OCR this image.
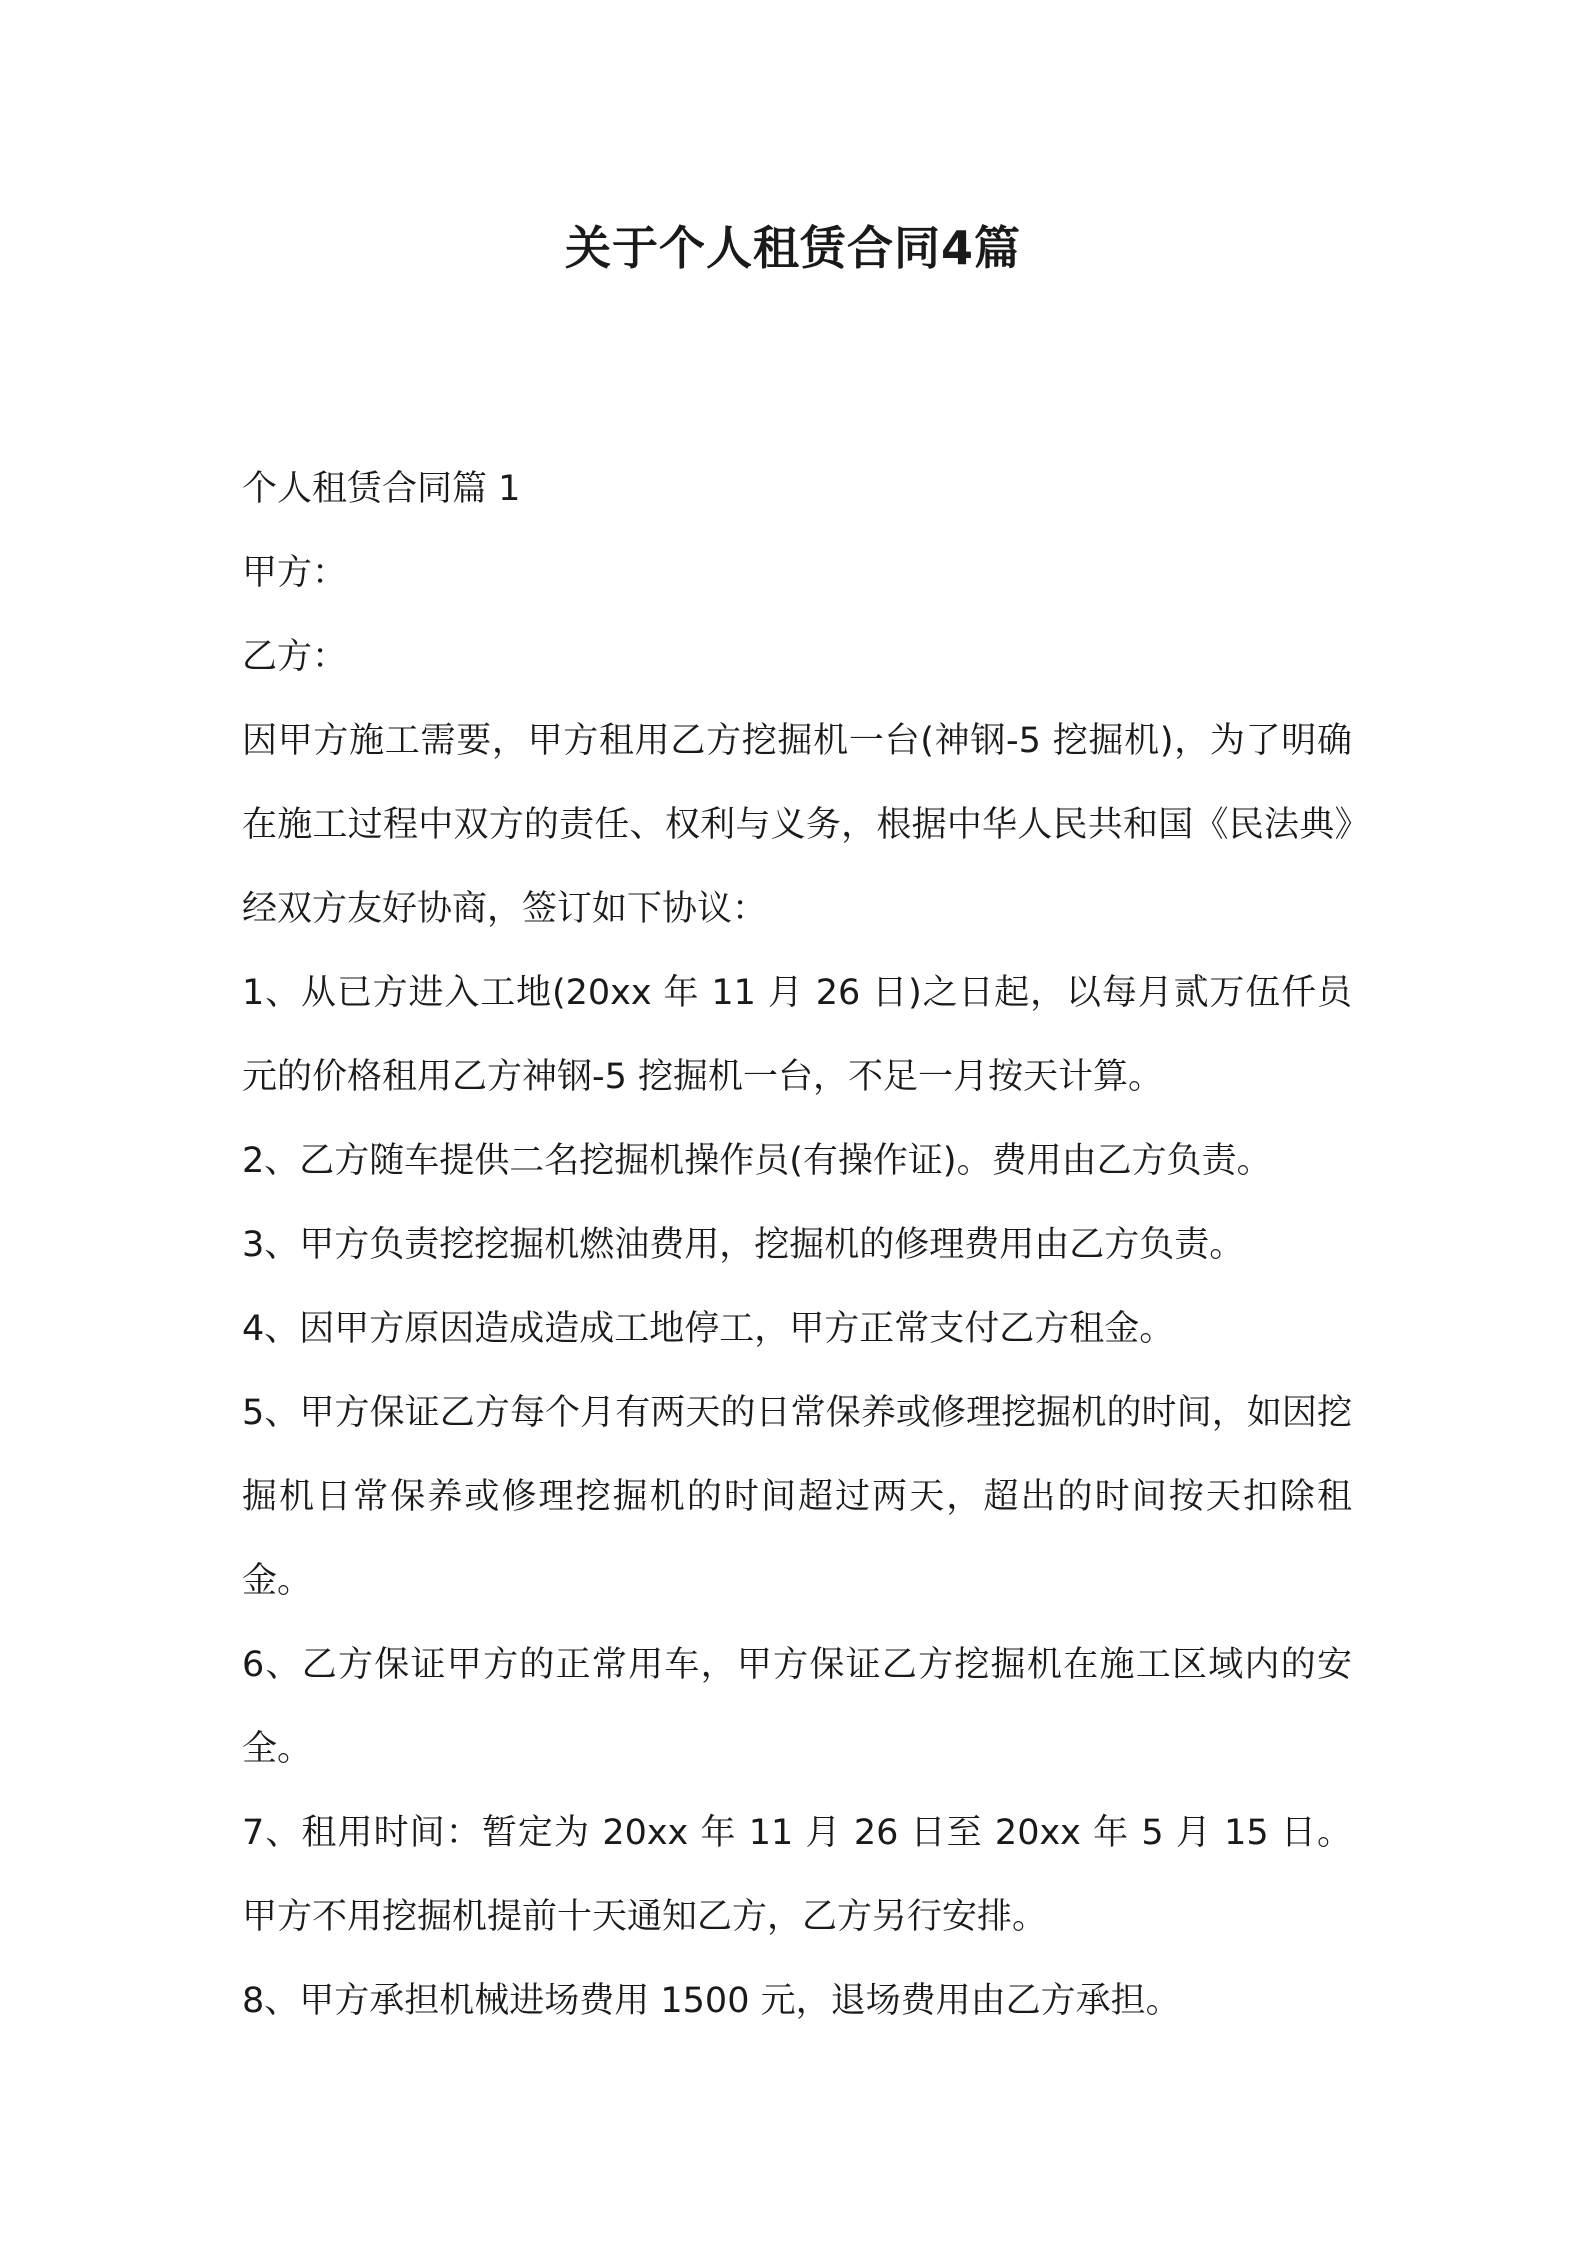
关于个人租赁合同4篇

个人租赁合同篇 1

甲方：

乙方：

因甲方施工需要，甲方租用乙方挖掘机一台(神钢-5 挖掘机)，为了明确在施工过程中双方的责任、权利与义务，根据中华人民共和国《民法典》经双方友好协商，签订如下协议：

1、从已方进入工地(20xx 年 11 月 26 日)之日起，以每月贰万伍仟员元的价格租用乙方神钢-5 挖掘机一台，不足一月按天计算。

2、乙方随车提供二名挖掘机操作员(有操作证)。费用由乙方负责。

3、甲方负责挖挖掘机燃油费用，挖掘机的修理费用由乙方负责。

4、因甲方原因造成造成工地停工，甲方正常支付乙方租金。

5、甲方保证乙方每个月有两天的日常保养或修理挖掘机的时间，如因挖掘机日常保养或修理挖掘机的时间超过两天，超出的时间按天扣除租金。

6、乙方保证甲方的正常用车，甲方保证乙方挖掘机在施工区域内的安全。

7、租用时间：暂定为 20xx 年 11 月 26 日至 20xx 年 5 月 15 日。甲方不用挖掘机提前十天通知乙方，乙方另行安排。

8、甲方承担机械进场费用 1500 元，退场费用由乙方承担。
